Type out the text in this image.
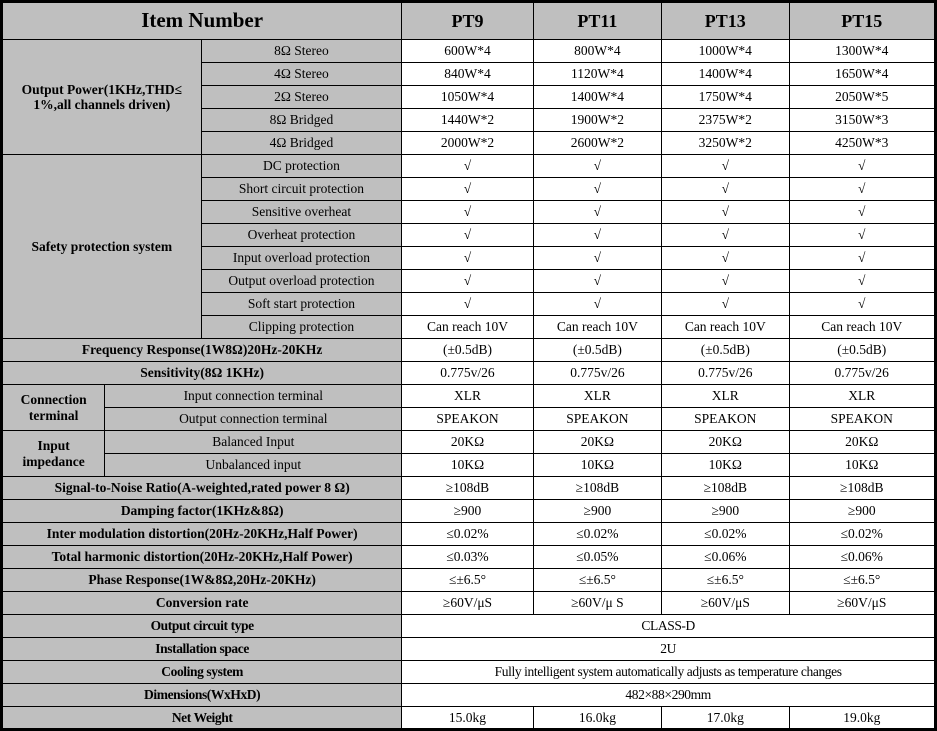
Item Number			PT9	PT11	PT13	PT15
Output Power(1KHz,THD≤ 1%,all channels driven)		8Ω Stereo	600W*4	800W*4	1000W*4	1300W*4
		4Ω Stereo	840W*4	1120W*4	1400W*4	1650W*4
		2Ω Stereo	1050W*4	1400W*4	1750W*4	2050W*5
		8Ω Bridged	1440W*2	1900W*2	2375W*2	3150W*3
		4Ω Bridged	2000W*2	2600W*2	3250W*2	4250W*3
Safety protection system		DC protection	√	√	√	√
		Short circuit protection	√	√	√	√
		Sensitive overheat	√	√	√	√
		Overheat protection	√	√	√	√
		Input overload protection	√	√	√	√
		Output overload protection	√	√	√	√
		Soft start protection	√	√	√	√
		Clipping protection	Can reach 10V	Can reach 10V	Can reach 10V	Can reach 10V
Frequency Response(1W8Ω)20Hz-20KHz			(±0.5dB)	(±0.5dB)	(±0.5dB)	(±0.5dB)
Sensitivity(8Ω 1KHz)			0.775v/26	0.775v/26	0.775v/26	0.775v/26
Connection terminal	Input connection terminal		XLR	XLR	XLR	XLR
	Output connection terminal		SPEAKON	SPEAKON	SPEAKON	SPEAKON
Input impedance	Balanced Input		20KΩ	20KΩ	20KΩ	20KΩ
	Unbalanced input		10KΩ	10KΩ	10KΩ	10KΩ
Signal-to-Noise Ratio(A-weighted,rated power 8 Ω)			≥108dB	≥108dB	≥108dB	≥108dB
Damping factor(1KHz&8Ω)			≥900	≥900	≥900	≥900
Inter modulation distortion(20Hz-20KHz,Half Power)			≤0.02%	≤0.02%	≤0.02%	≤0.02%
Total harmonic distortion(20Hz-20KHz,Half Power)			≤0.03%	≤0.05%	≤0.06%	≤0.06%
Phase Response(1W&8Ω,20Hz-20KHz)			≤±6.5°	≤±6.5°	≤±6.5°	≤±6.5°
Conversion rate			≥60V/μS	≥60V/μ S	≥60V/μS	≥60V/μS
Output circuit type			CLASS-D			
Installation space			2U			
Cooling system			Fully intelligent system automatically adjusts as temperature changes			
Dimensions(WxHxD)			482×88×290mm			
Net Weight			15.0kg	16.0kg	17.0kg	19.0kg
